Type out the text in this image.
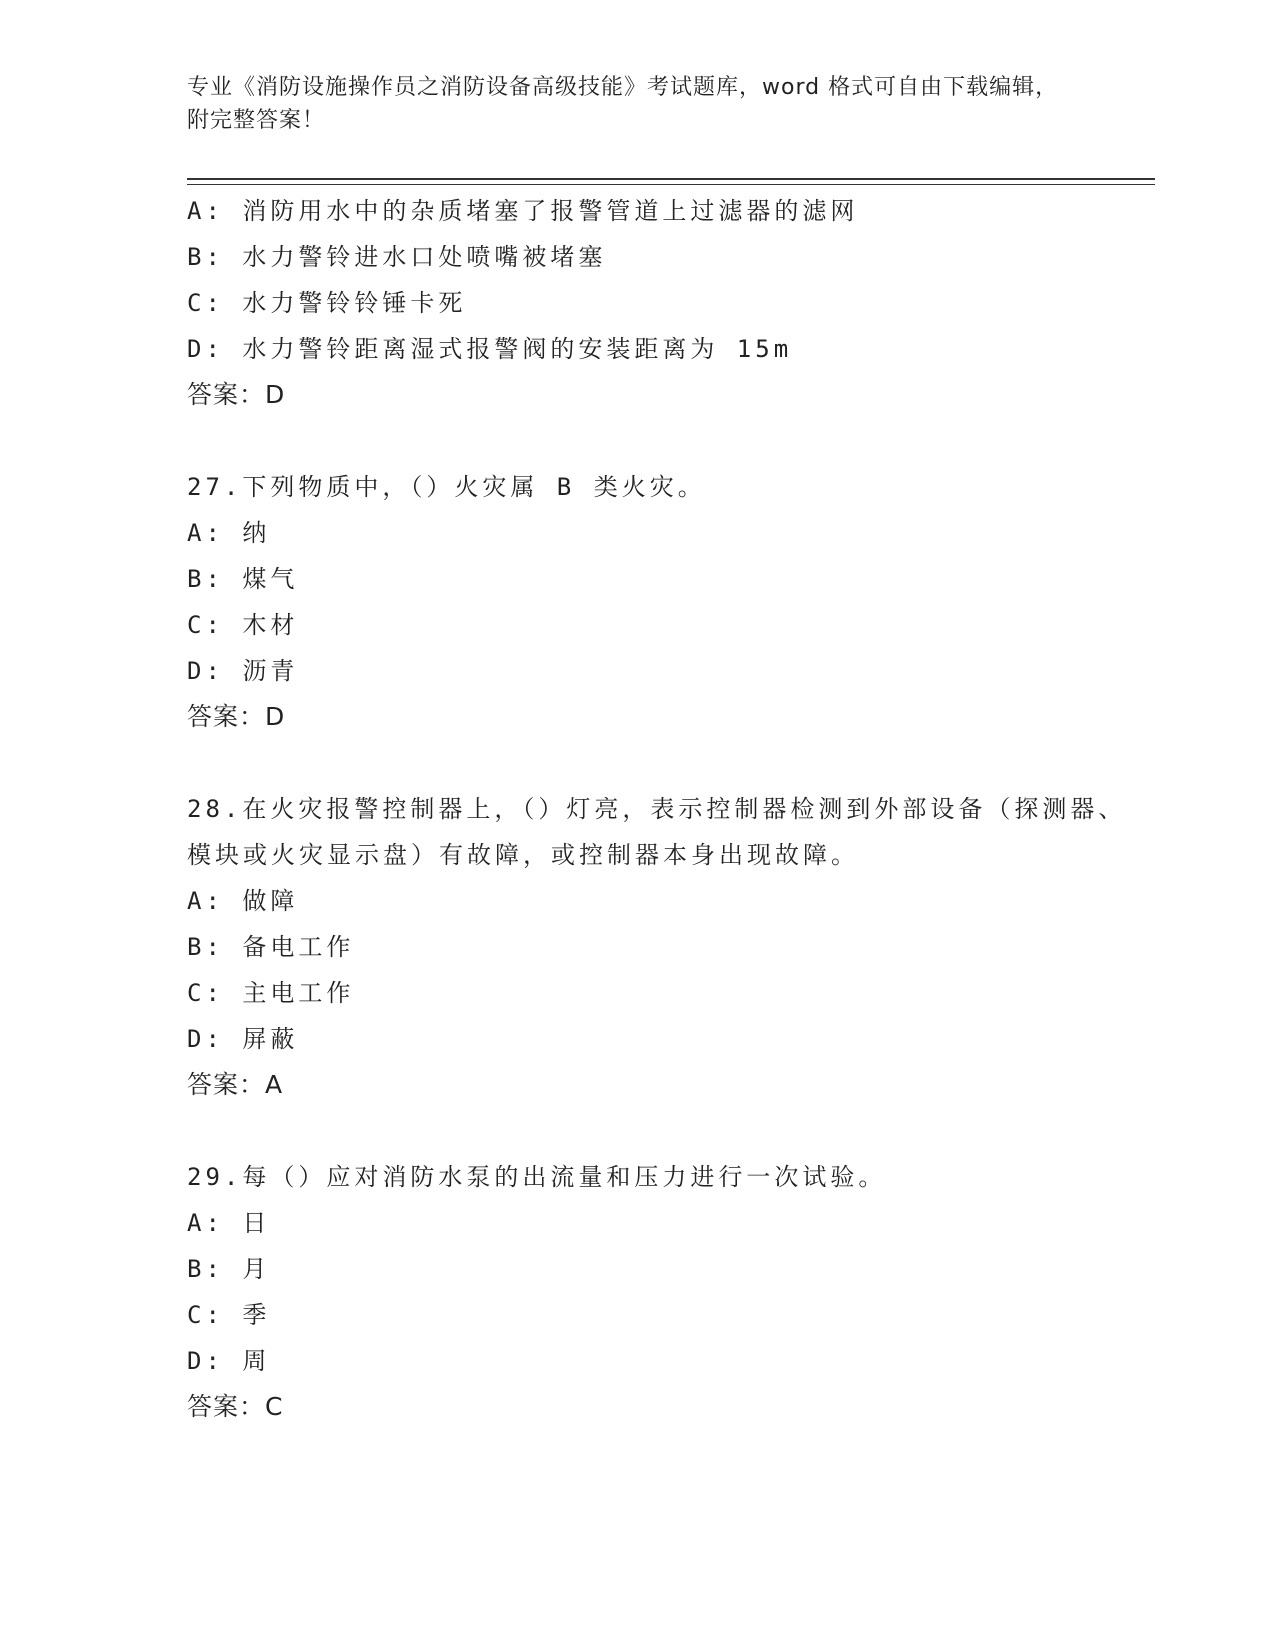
专业《消防设施操作员之消防设备高级技能》考试题库，word 格式可自由下载编辑，附完整答案！
A: 消防用水中的杂质堵塞了报警管道上过滤器的滤网
B: 水力警铃进水口处喷嘴被堵塞
C: 水力警铃铃锤卡死
D: 水力警铃距离湿式报警阀的安装距离为 15m
答案：D
27.下列物质中，（）火灾属 B 类火灾。
A: 纳
B: 煤气
C: 木材
D: 沥青
答案：D
28.在火灾报警控制器上，（）灯亮，表示控制器检测到外部设备（探测器、模块或火灾显示盘）有故障，或控制器本身出现故障。
A: 做障
B: 备电工作
C: 主电工作
D: 屏蔽
答案：A
29.每（）应对消防水泵的出流量和压力进行一次试验。
A: 日
B: 月
C: 季
D: 周
答案：C
